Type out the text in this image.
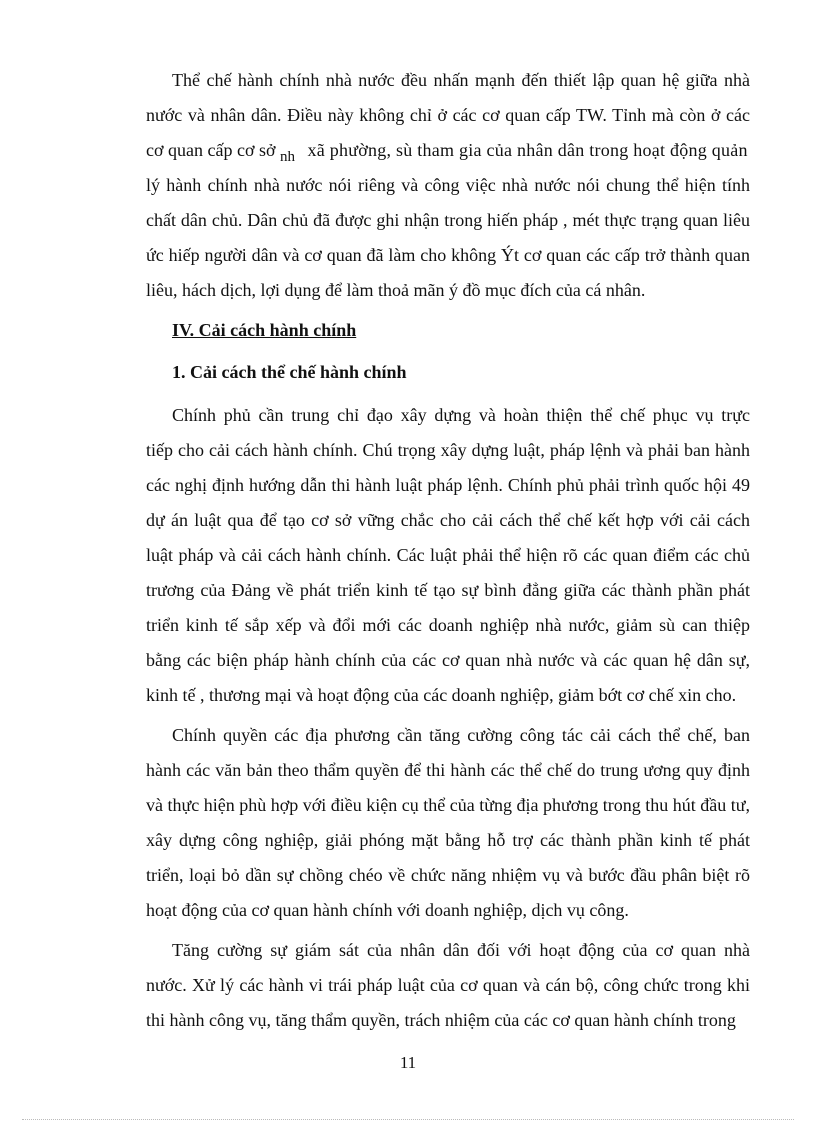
Thể chế hành chính nhà nước đều nhấn mạnh đến thiết lập quan hệ giữa nhà
nước và nhân dân. Điều này không chỉ ở các cơ quan cấp TW. Tỉnh mà còn ở các
cơ quan cấp cơ sở $_{nh}$ xã phường, sù tham gia của nhân dân trong hoạt động quản
lý hành chính nhà nước nói riêng và công việc nhà nước nói chung thể hiện tính
chất dân chủ. Dân chủ đã được ghi nhận trong hiến pháp , mét thực trạng quan liêu
ức hiếp người dân và cơ quan đã làm cho không Ýt cơ quan các cấp trở thành quan
liêu, hách dịch, lợi dụng để làm thoả mãn ý đồ mục đích của cá nhân.
IV. Cải cách hành chính
1. Cải cách thể chế hành chính
Chính phủ cần trung chỉ đạo xây dựng và hoàn thiện thể chế phục vụ trực
tiếp cho cải cách hành chính. Chú trọng xây dựng luật, pháp lệnh và phải ban hành
các nghị định hướng dẫn thi hành luật pháp lệnh. Chính phủ phải trình quốc hội 49
dự án luật qua để tạo cơ sở vững chắc cho cải cách thể chế kết hợp với cải cách
luật pháp và cải cách hành chính. Các luật phải thể hiện rõ các quan điểm các chủ
trương của Đảng về phát triển kinh tế tạo sự bình đẳng giữa các thành phần phát
triển kinh tế sắp xếp và đổi mới các doanh nghiệp nhà nước, giảm sù can thiệp
bằng các biện pháp hành chính của các cơ quan nhà nước và các quan hệ dân sự,
kinh tế , thương mại và hoạt động của các doanh nghiệp, giảm bớt cơ chế xin cho.
Chính quyền các địa phương cần tăng cường công tác cải cách thể chế, ban
hành các văn bản theo thẩm quyền để thi hành các thể chế do trung ương quy định
và thực hiện phù hợp với điều kiện cụ thể của từng địa phương trong thu hút đầu tư,
xây dựng công nghiệp, giải phóng mặt bằng hỗ trợ các thành phần kinh tế phát
triển, loại bỏ dần sự chồng chéo về chức năng nhiệm vụ và bước đầu phân biệt rõ
hoạt động của cơ quan hành chính với doanh nghiệp, dịch vụ công.
Tăng cường sự giám sát của nhân dân đối với hoạt động của cơ quan nhà
nước. Xử lý các hành vi trái pháp luật của cơ quan và cán bộ, công chức trong khi
thi hành công vụ, tăng thẩm quyền, trách nhiệm của các cơ quan hành chính trong
11
